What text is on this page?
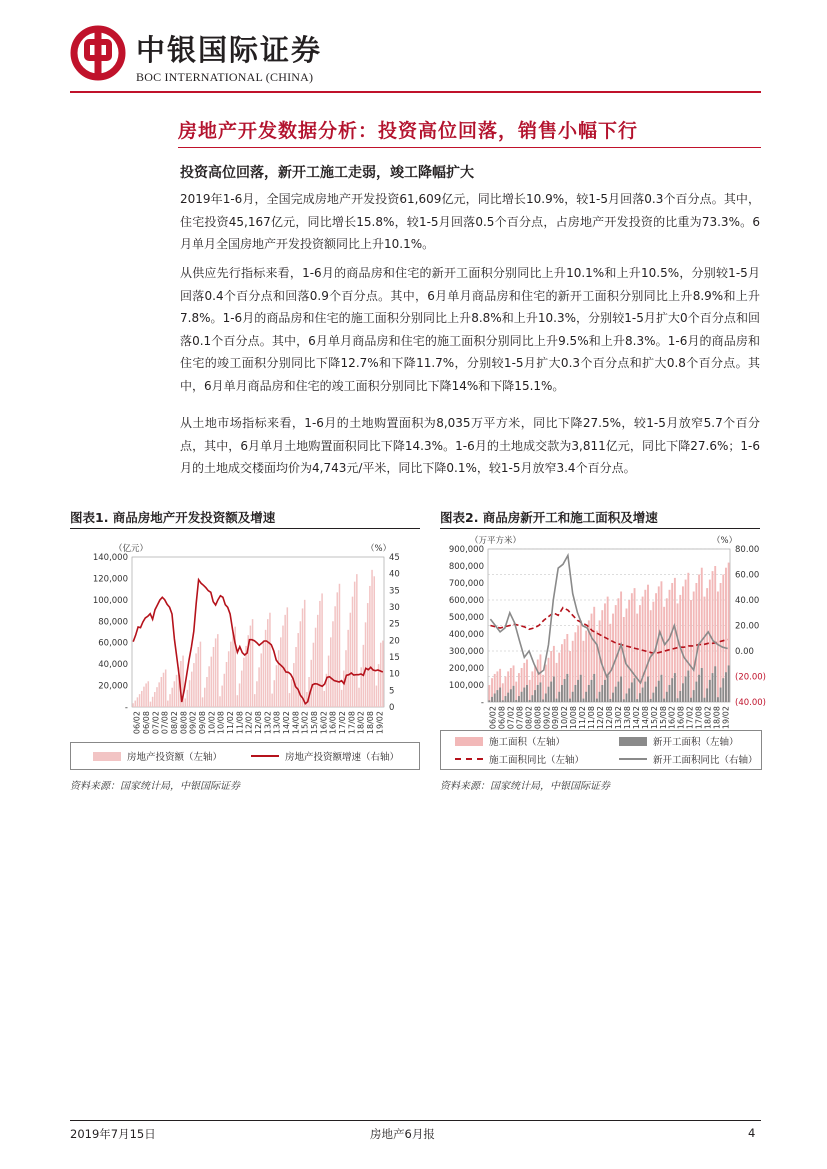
中银国际证券
BOC INTERNATIONAL (CHINA)
房地产开发数据分析：投资高位回落，销售小幅下行
投资高位回落，新开工施工走弱，竣工降幅扩大

2019年1-6月，全国完成房地产开发投资61,609亿元，同比增长10.9%，较1-5月回落0.3个百分点。其中，住宅投资45,167亿元，同比增长15.8%，较1-5月回落0.5个百分点，占房地产开发投资的比重为73.3%。6月单月全国房地产开发投资额同比上升10.1%。

从供应先行指标来看，1-6月的商品房和住宅的新开工面积分别同比上升10.1%和上升10.5%，分别较1-5月回落0.4个百分点和回落0.9个百分点。其中，6月单月商品房和住宅的新开工面积分别同比上升8.9%和上升7.8%。1-6月的商品房和住宅的施工面积分别同比上升8.8%和上升10.3%，分别较1-5月扩大0个百分点和回落0.1个百分点。其中，6月单月商品房和住宅的施工面积分别同比上升9.5%和上升8.3%。1-6月的商品房和住宅的竣工面积分别同比下降12.7%和下降11.7%，分别较1-5月扩大0.3个百分点和扩大0.8个百分点。其中，6月单月商品房和住宅的竣工面积分别同比下降14%和下降15.1%。

从土地市场指标来看，1-6月的土地购置面积为8,035万平方米，同比下降27.5%，较1-5月放窄5.7个百分点，其中，6月单月土地购置面积同比下降14.3%。1-6月的土地成交款为3,811亿元，同比下降27.6%；1-6月的土地成交楼面均价为4,743元/平米，同比下降0.1%，较1-5月放窄3.4个百分点。

图表1. 商品房地产开发投资额及增速
（亿元）	（%）
140,000
120,000
100,000
80,000
60,000
40,000
20,000
-
45
40
35
30
25
20
15
10
5
0
06/02 06/08 07/02 07/08 08/02 08/08 09/02 09/08 10/02 10/08 11/02 11/08 12/02 12/08 13/02 13/08 14/02 14/08 15/02 15/08 16/02 16/08 17/02 17/08 18/02 18/08 19/02
房地产投资额（左轴）	房地产投资额增速（右轴）
资料来源：国家统计局，中银国际证券
图表2. 商品房新开工和施工面积及增速
（万平方米）	（%）
900,000
800,000
700,000
600,000
500,000
400,000
300,000
200,000
100,000
-
80.00
60.00
40.00
20.00
0.00
(20.00)
(40.00)
06/02 06/08 07/02 07/08 08/02 08/08 09/02 09/08 10/02 10/08 11/02 11/08 12/02 12/08 13/02 13/08 14/02 14/08 15/02 15/08 16/02 16/08 17/02 17/08 18/02 18/08 19/02
施工面积（左轴）	新开工面积（左轴）
施工面积同比（左轴）	新开工面积同比（右轴）
资料来源：国家统计局，中银国际证券
2019年7月15日	房地产6月报	4
